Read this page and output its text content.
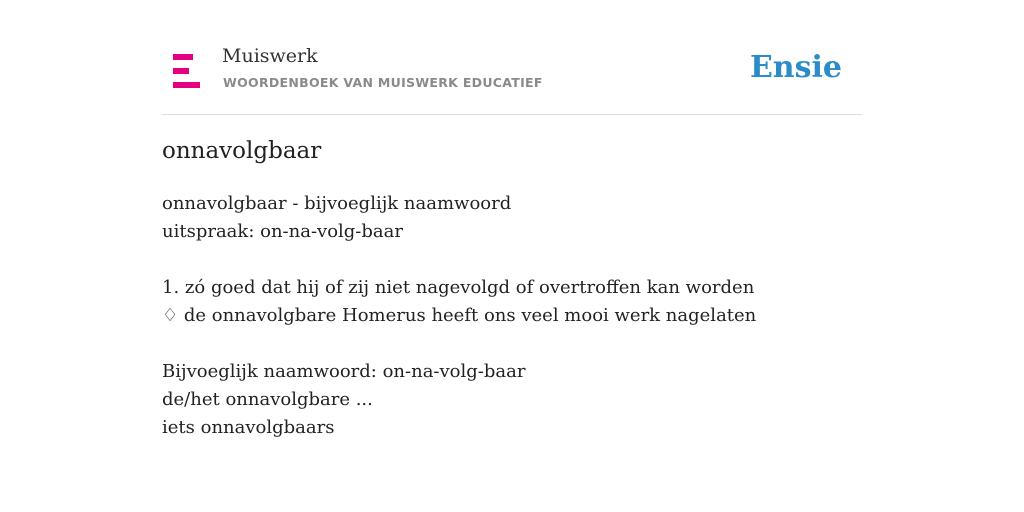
Muiswerk
WOORDENBOEK VAN MUISWERK EDUCATIEF	Ensie
onnavolgbaar
onnavolgbaar - bijvoeglijk naamwoord
uitspraak: on-na-volg-baar
1. zó goed dat hij of zij niet nagevolgd of overtroffen kan worden
♢ de onnavolgbare Homerus heeft ons veel mooi werk nagelaten
Bijvoeglijk naamwoord: on-na-volg-baar
de/het onnavolgbare ...
iets onnavolgbaars
